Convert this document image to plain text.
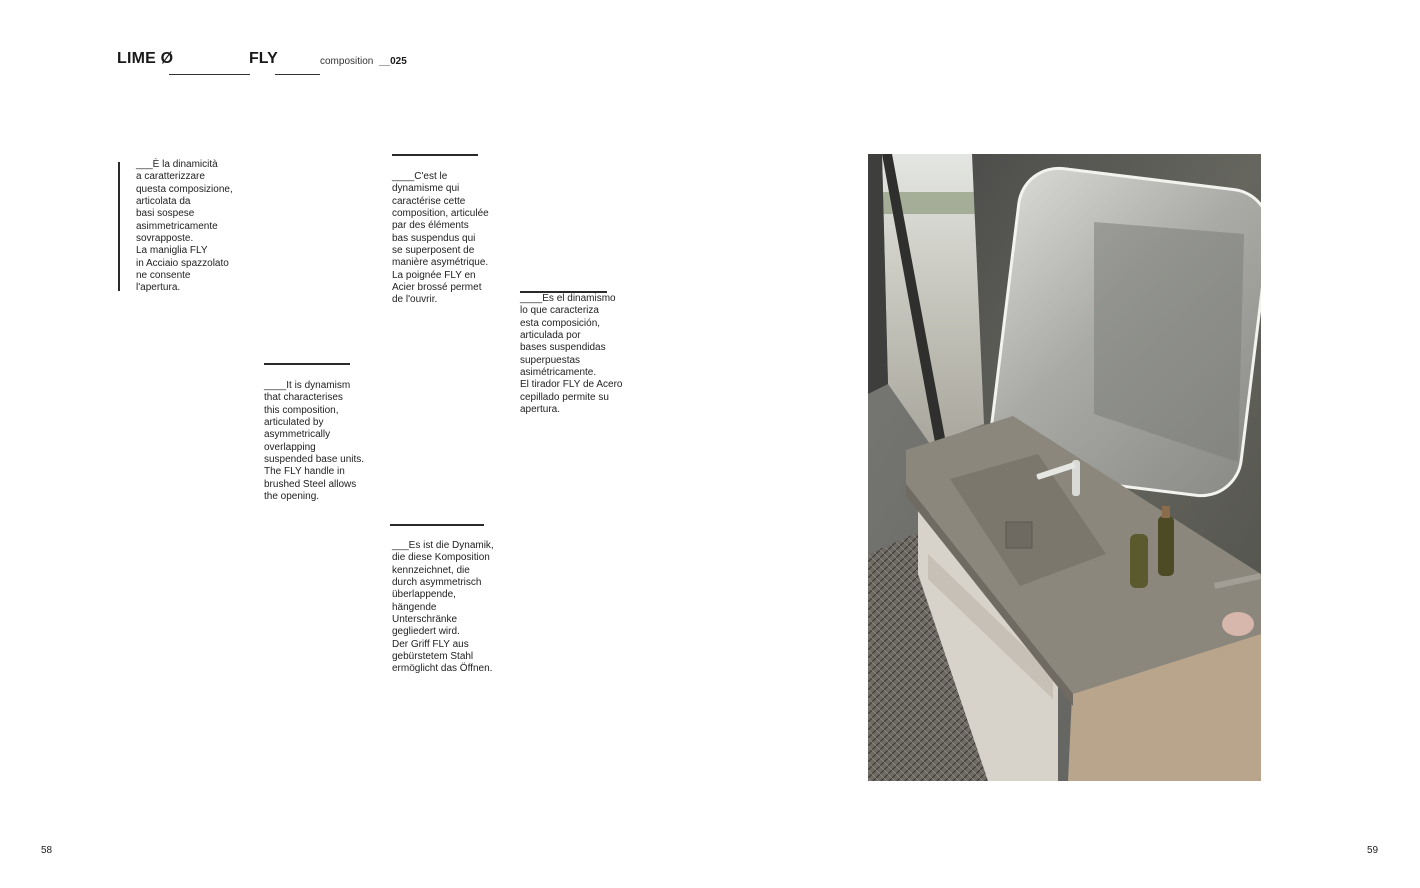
LIME Ø	FLY	composition __025
___È la dinamicità
a caratterizzare
questa composizione,
articolata da
basi sospese
asimmetricamente
sovrapposte.
La maniglia FLY
in Acciaio spazzolato
ne consente
l'apertura.
____C'est le
dynamisme qui
caractérise cette
composition, articulée
par des éléments
bas suspendus qui
se superposent de
manière asymétrique.
La poignée FLY en
Acier brossé permet
de l'ouvrir.	____Es el dinamismo
lo que caracteriza
esta composición,
articulada por
bases suspendidas
superpuestas
asimétricamente.
El tirador FLY de Acero
cepillado permite su
apertura.
____It is dynamism
that characterises
this composition,
articulated by
asymmetrically
overlapping
suspended base units.
The FLY handle in
brushed Steel allows
the opening.
___Es ist die Dynamik,
die diese Komposition
kennzeichnet, die
durch asymmetrisch
überlappende,
hängende
Unterschränke
gegliedert wird.
Der Griff FLY aus
gebürstetem Stahl
ermöglicht das Öffnen.
58	59
